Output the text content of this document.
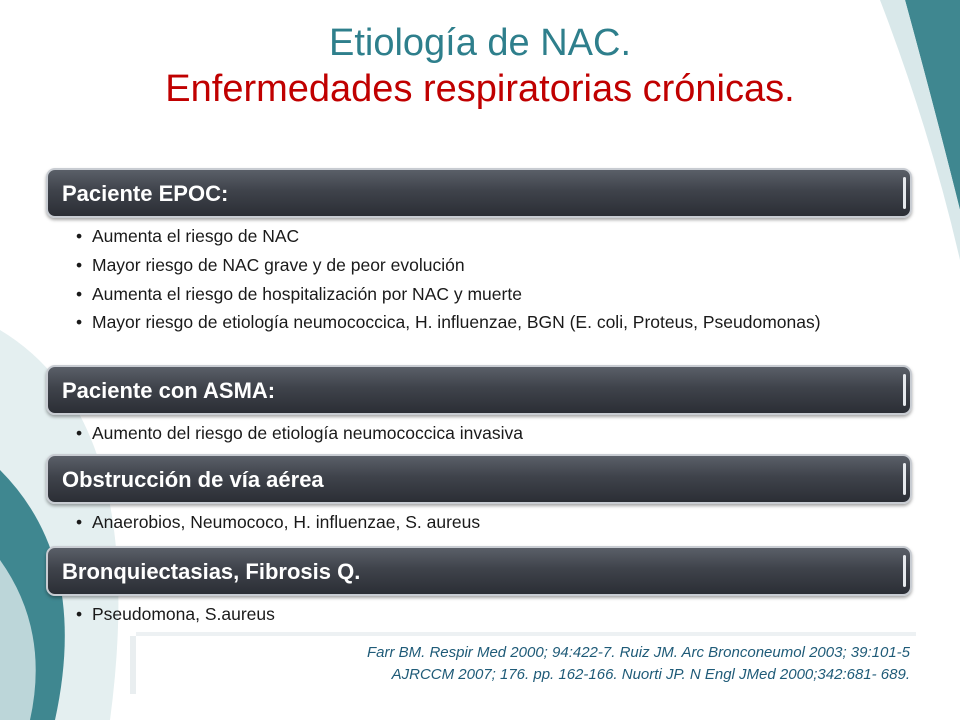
Etiología de NAC.
Enfermedades respiratorias crónicas.
Paciente EPOC:
• Aumenta el riesgo de NAC
• Mayor riesgo de NAC grave y de peor evolución
• Aumenta el riesgo de hospitalización por NAC y muerte
• Mayor riesgo de etiología neumococcica, H. influenzae, BGN (E. coli, Proteus, Pseudomonas)
Paciente con ASMA:
• Aumento del riesgo de etiología neumococcica invasiva
Obstrucción de vía aérea
• Anaerobios, Neumococo, H. influenzae, S. aureus
Bronquiectasias, Fibrosis Q.
• Pseudomona, S.aureus
Farr BM. Respir Med 2000; 94:422-7. Ruiz JM. Arc Bronconeumol 2003; 39:101-5
AJRCCM 2007; 176. pp. 162-166. Nuorti JP. N Engl JMed 2000;342:681- 689.
